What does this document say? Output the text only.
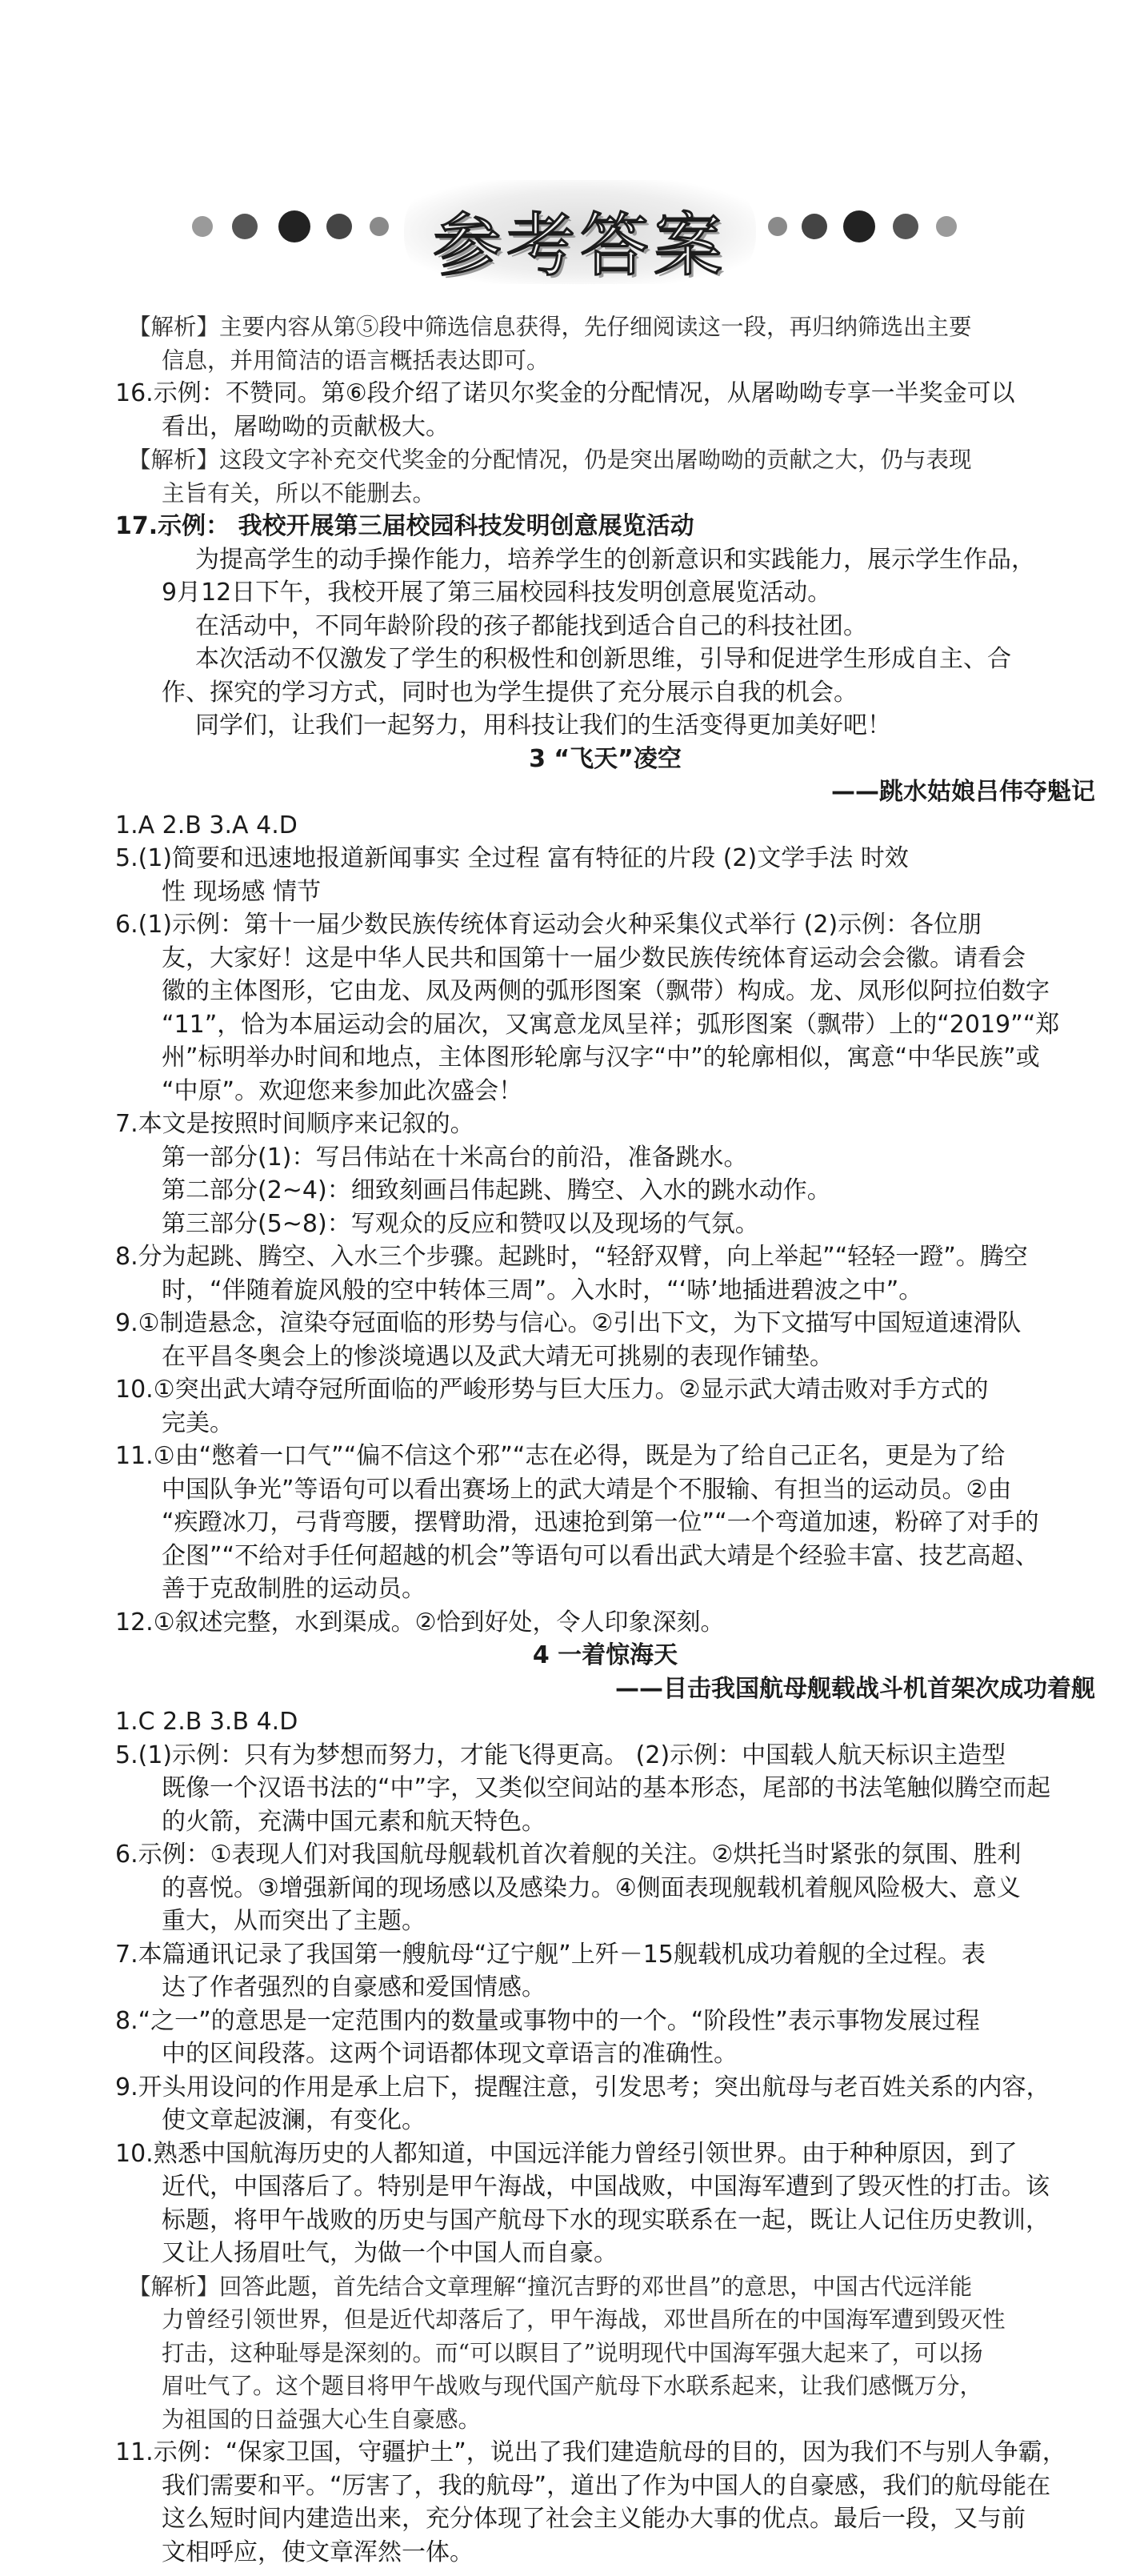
参考答案
【解析】主要内容从第⑤段中筛选信息获得，先仔细阅读这一段，再归纳筛选出主要
信息，并用简洁的语言概括表达即可。
16.示例：不赞同。第⑥段介绍了诺贝尔奖金的分配情况，从屠呦呦专享一半奖金可以
看出，屠呦呦的贡献极大。
【解析】这段文字补充交代奖金的分配情况，仍是突出屠呦呦的贡献之大，仍与表现
主旨有关，所以不能删去。
17.示例： 我校开展第三届校园科技发明创意展览活动
为提高学生的动手操作能力，培养学生的创新意识和实践能力，展示学生作品，
9月12日下午，我校开展了第三届校园科技发明创意展览活动。
在活动中，不同年龄阶段的孩子都能找到适合自己的科技社团。
本次活动不仅激发了学生的积极性和创新思维，引导和促进学生形成自主、合
作、探究的学习方式，同时也为学生提供了充分展示自我的机会。
同学们，让我们一起努力，用科技让我们的生活变得更加美好吧！
3 “飞天”凌空
——跳水姑娘吕伟夺魁记
1.A 2.B 3.A 4.D
5.(1)简要和迅速地报道新闻事实 全过程 富有特征的片段 (2)文学手法 时效
性 现场感 情节
6.(1)示例：第十一届少数民族传统体育运动会火种采集仪式举行 (2)示例：各位朋
友，大家好！这是中华人民共和国第十一届少数民族传统体育运动会会徽。请看会
徽的主体图形，它由龙、凤及两侧的弧形图案（飘带）构成。龙、凤形似阿拉伯数字
“11”，恰为本届运动会的届次，又寓意龙凤呈祥；弧形图案（飘带）上的“2019”“郑
州”标明举办时间和地点，主体图形轮廓与汉字“中”的轮廓相似，寓意“中华民族”或
“中原”。欢迎您来参加此次盛会！
7.本文是按照时间顺序来记叙的。
第一部分(1)：写吕伟站在十米高台的前沿，准备跳水。
第二部分(2~4)：细致刻画吕伟起跳、腾空、入水的跳水动作。
第三部分(5~8)：写观众的反应和赞叹以及现场的气氛。
8.分为起跳、腾空、入水三个步骤。起跳时，“轻舒双臂，向上举起”“轻轻一蹬”。腾空
时，“伴随着旋风般的空中转体三周”。入水时，“‘哧’地插进碧波之中”。
9.①制造悬念，渲染夺冠面临的形势与信心。②引出下文，为下文描写中国短道速滑队
在平昌冬奥会上的惨淡境遇以及武大靖无可挑剔的表现作铺垫。
10.①突出武大靖夺冠所面临的严峻形势与巨大压力。②显示武大靖击败对手方式的
完美。
11.①由“憋着一口气”“偏不信这个邪”“志在必得，既是为了给自己正名，更是为了给
中国队争光”等语句可以看出赛场上的武大靖是个不服输、有担当的运动员。②由
“疾蹬冰刀，弓背弯腰，摆臂助滑，迅速抢到第一位”“一个弯道加速，粉碎了对手的
企图”“不给对手任何超越的机会”等语句可以看出武大靖是个经验丰富、技艺高超、
善于克敌制胜的运动员。
12.①叙述完整，水到渠成。②恰到好处，令人印象深刻。
4 一着惊海天
——目击我国航母舰载战斗机首架次成功着舰
1.C 2.B 3.B 4.D
5.(1)示例：只有为梦想而努力，才能飞得更高。 (2)示例：中国载人航天标识主造型
既像一个汉语书法的“中”字，又类似空间站的基本形态，尾部的书法笔触似腾空而起
的火箭，充满中国元素和航天特色。
6.示例：①表现人们对我国航母舰载机首次着舰的关注。②烘托当时紧张的氛围、胜利
的喜悦。③增强新闻的现场感以及感染力。④侧面表现舰载机着舰风险极大、意义
重大，从而突出了主题。
7.本篇通讯记录了我国第一艘航母“辽宁舰”上歼－15舰载机成功着舰的全过程。表
达了作者强烈的自豪感和爱国情感。
8.“之一”的意思是一定范围内的数量或事物中的一个。“阶段性”表示事物发展过程
中的区间段落。这两个词语都体现文章语言的准确性。
9.开头用设问的作用是承上启下，提醒注意，引发思考；突出航母与老百姓关系的内容，
使文章起波澜，有变化。
10.熟悉中国航海历史的人都知道，中国远洋能力曾经引领世界。由于种种原因，到了
近代，中国落后了。特别是甲午海战，中国战败，中国海军遭到了毁灭性的打击。该
标题，将甲午战败的历史与国产航母下水的现实联系在一起，既让人记住历史教训，
又让人扬眉吐气，为做一个中国人而自豪。
【解析】回答此题，首先结合文章理解“撞沉吉野的邓世昌”的意思，中国古代远洋能
力曾经引领世界，但是近代却落后了，甲午海战，邓世昌所在的中国海军遭到毁灭性
打击，这种耻辱是深刻的。而“可以瞑目了”说明现代中国海军强大起来了，可以扬
眉吐气了。这个题目将甲午战败与现代国产航母下水联系起来，让我们感慨万分，
为祖国的日益强大心生自豪感。
11.示例：“保家卫国，守疆护土”，说出了我们建造航母的目的，因为我们不与别人争霸，
我们需要和平。“厉害了，我的航母”，道出了作为中国人的自豪感，我们的航母能在
这么短时间内建造出来，充分体现了社会主义能办大事的优点。最后一段，又与前
文相呼应，使文章浑然一体。
